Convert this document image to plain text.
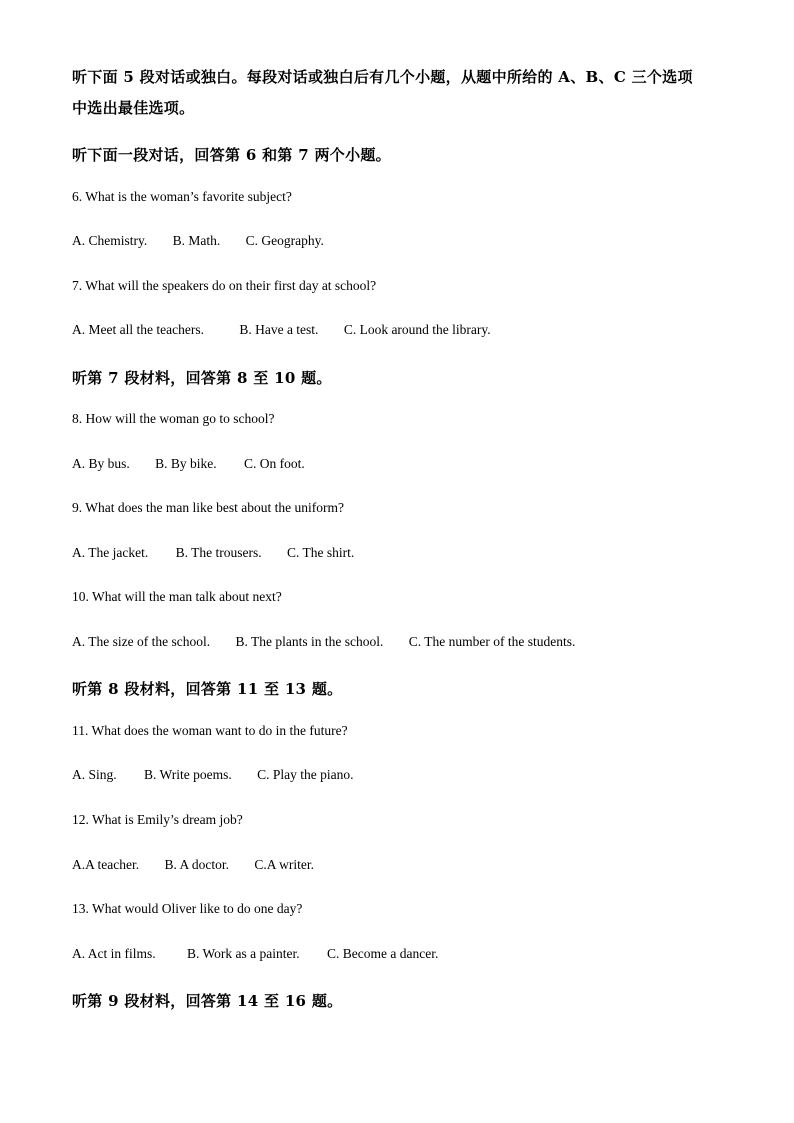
听下面 5 段对话或独白。每段对话或独白后有几个小题，从题中所给的 A、B、C 三个选项
中选出最佳选项。
听下面一段对话，回答第 6 和第 7 两个小题。
6. What is the woman’s favorite subject?
A. Chemistry. B. Math. C. Geography.
7. What will the speakers do on their first day at school?
A. Meet all the teachers.	B. Have a test. C. Look around the library.
听第 7 段材料，回答第 8 至 10 题。
8. How will the woman go to school?
A. By bus. B. By bike. C. On foot.
9. What does the man like best about the uniform?
A. The jacket. B. The trousers. C. The shirt.
10. What will the man talk about next?
A. The size of the school. B. The plants in the school. C. The number of the students.
听第 8 段材料，回答第 11 至 13 题。
11. What does the woman want to do in the future?
A. Sing. B. Write poems. C. Play the piano.
12. What is Emily’s dream job?
A.A teacher. B. A doctor. C.A writer.
13. What would Oliver like to do one day?
A. Act in films. B. Work as a painter. C. Become a dancer.
听第 9 段材料，回答第 14 至 16 题。
